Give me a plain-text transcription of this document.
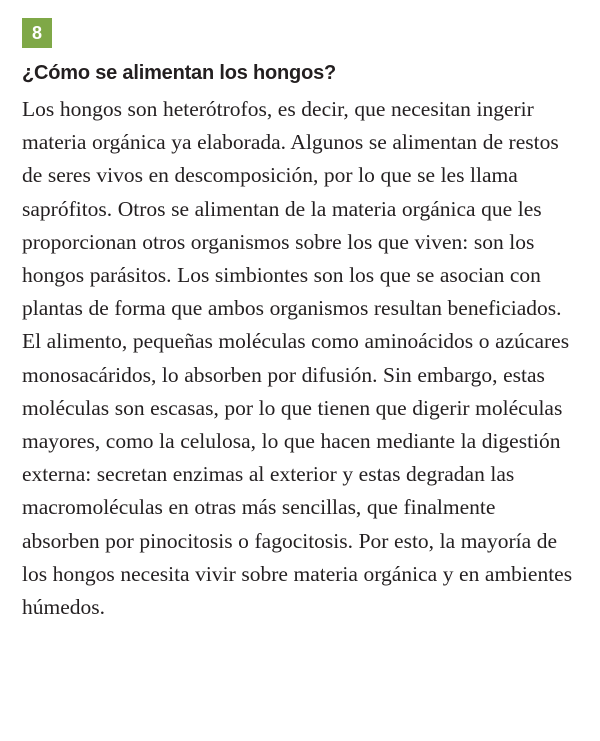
8
¿Cómo se alimentan los hongos?

Los hongos son heterótrofos, es decir, que necesitan ingerir materia orgánica ya elaborada. Algunos se alimentan de restos de seres vivos en descomposición, por lo que se les llama saprófitos. Otros se alimentan de la materia orgánica que les proporcionan otros organismos sobre los que viven: son los hongos parásitos. Los simbiontes son los que se asocian con plantas de forma que ambos organismos resultan beneficiados. El alimento, pequeñas moléculas como aminoácidos o azúcares monosacáridos, lo absorben por difusión. Sin embargo, estas moléculas son escasas, por lo que tienen que digerir moléculas mayores, como la celulosa, lo que hacen mediante la digestión externa: secretan enzimas al exterior y estas degradan las macromoléculas en otras más sencillas, que finalmente absorben por pinocitosis o fagocitosis. Por esto, la mayoría de los hongos necesita vivir sobre materia orgánica y en ambientes húmedos.
